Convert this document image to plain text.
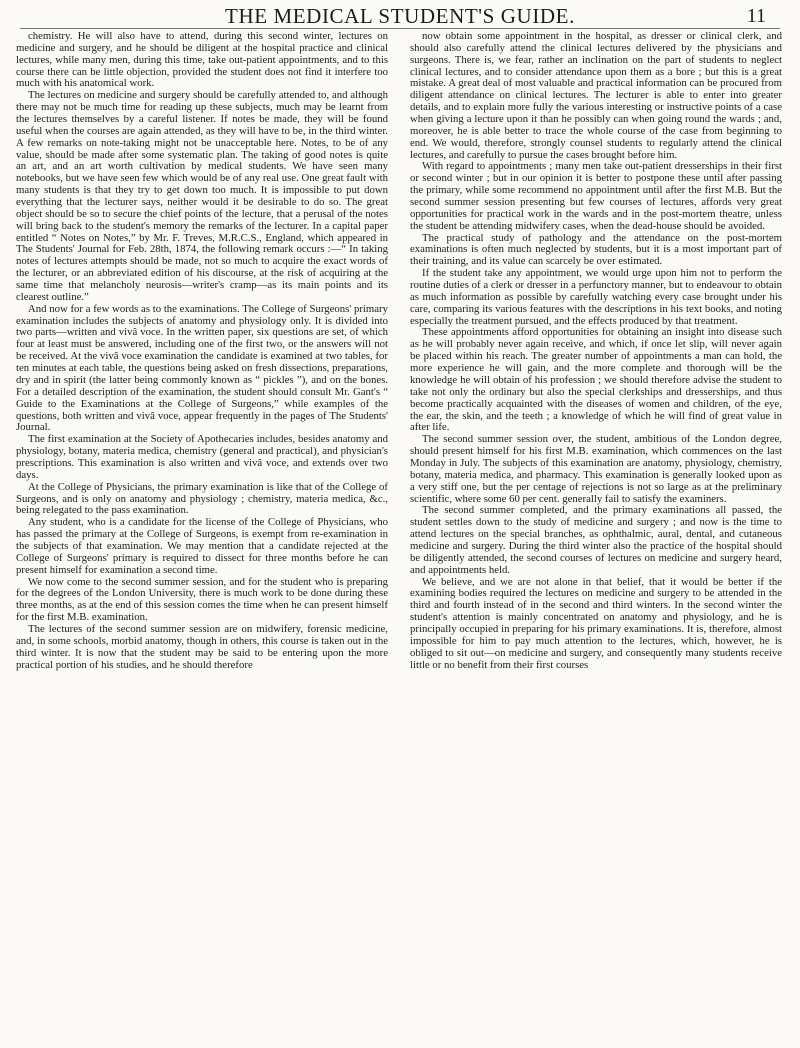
THE MEDICAL STUDENT'S GUIDE.	11

chemistry. He will also have to attend, during this second winter, lectures on medicine and surgery, and he should be diligent at the hospital practice and clinical lectures, while many men, during this time, take out-patient appointments, and to this course there can be little objection, provided the student does not find it interfere too much with his anatomical work.

The lectures on medicine and surgery should be carefully attended to, and although there may not be much time for reading up these subjects, much may be learnt from the lectures themselves by a careful listener. If notes be made, they will be found useful when the courses are again attended, as they will have to be, in the third winter. A few remarks on note-taking might not be unacceptable here. Notes, to be of any value, should be made after some systematic plan. The taking of good notes is quite an art, and an art worth cultivation by medical students. We have seen many notebooks, but we have seen few which would be of any real use. One great fault with many students is that they try to get down too much. It is impossible to put down everything that the lecturer says, neither would it be desirable to do so. The great object should be so to secure the chief points of the lecture, that a perusal of the notes will bring back to the student's memory the remarks of the lecturer. In a capital paper entitled “ Notes on Notes,” by Mr. F. Treves, M.R.C.S., England, which appeared in The Students' Journal for Feb. 28th, 1874, the following remark occurs :—“ In taking notes of lectures attempts should be made, not so much to acquire the exact words of the lecturer, or an abbreviated edition of his discourse, at the risk of acquiring at the same time that melancholy neurosis—writer's cramp—as its main points and its clearest outline.”

And now for a few words as to the examinations. The College of Surgeons' primary examination includes the subjects of anatomy and physiology only. It is divided into two parts—written and vivâ voce. In the written paper, six questions are set, of which four at least must be answered, including one of the first two, or the answers will not be received. At the vivâ voce examination the candidate is examined at two tables, for ten minutes at each table, the questions being asked on fresh dissections, preparations, dry and in spirit (the latter being commonly known as “ pickles ”), and on the bones. For a detailed description of the examination, the student should consult Mr. Gant's “ Guide to the Examinations at the College of Surgeons,” while examples of the questions, both written and vivâ voce, appear frequently in the pages of The Students' Journal.

The first examination at the Society of Apothecaries includes, besides anatomy and physiology, botany, materia medica, chemistry (general and practical), and physician's prescriptions. This examination is also written and vivâ voce, and extends over two days.

At the College of Physicians, the primary examination is like that of the College of Surgeons, and is only on anatomy and physiology ; chemistry, materia medica, &c., being relegated to the pass examination.

Any student, who is a candidate for the license of the College of Physicians, who has passed the primary at the College of Surgeons, is exempt from re-examination in the subjects of that examination. We may mention that a candidate rejected at the College of Surgeons' primary is required to dissect for three months before he can present himself for examination a second time.

We now come to the second summer session, and for the student who is preparing for the degrees of the London University, there is much work to be done during these three months, as at the end of this session comes the time when he can present himself for the first M.B. examination.

The lectures of the second summer session are on midwifery, forensic medicine, and, in some schools, morbid anatomy, though in others, this course is taken out in the third winter. It is now that the student may be said to be entering upon the more practical portion of his studies, and he should therefore

now obtain some appointment in the hospital, as dresser or clinical clerk, and should also carefully attend the clinical lectures delivered by the physicians and surgeons. There is, we fear, rather an inclination on the part of students to neglect clinical lectures, and to consider attendance upon them as a bore ; but this is a great mistake. A great deal of most valuable and practical information can be procured from diligent attendance on clinical lectures. The lecturer is able to enter into greater details, and to explain more fully the various interesting or instructive points of a case when giving a lecture upon it than he possibly can when going round the wards ; and, moreover, he is able better to trace the whole course of the case from beginning to end. We would, therefore, strongly counsel students to regularly attend the clinical lectures, and carefully to pursue the cases brought before him.

With regard to appointments ; many men take out-patient dresserships in their first or second winter ; but in our opinion it is better to postpone these until after passing the primary, while some recommend no appointment until after the first M.B. But the second summer session presenting but few courses of lectures, affords very great opportunities for practical work in the wards and in the post-mortem theatre, unless the student be attending midwifery cases, when the dead-house should be avoided.

The practical study of pathology and the attendance on the post-mortem examinations is often much neglected by students, but it is a most important part of their training, and its value can scarcely be over estimated.

If the student take any appointment, we would urge upon him not to perform the routine duties of a clerk or dresser in a perfunctory manner, but to endeavour to obtain as much information as possible by carefully watching every case brought under his care, comparing its various features with the descriptions in his text books, and noting especially the treatment pursued, and the effects produced by that treatment.

These appointments afford opportunities for obtaining an insight into disease such as he will probably never again receive, and which, if once let slip, will never again be placed within his reach. The greater number of appointments a man can hold, the more experience he will gain, and the more complete and thorough will be the knowledge he will obtain of his profession ; we should therefore advise the student to take not only the ordinary but also the special clerkships and dresserships, and thus become practically acquainted with the diseases of women and children, of the eye, the ear, the skin, and the teeth ; a knowledge of which he will find of great value in after life.

The second summer session over, the student, ambitious of the London degree, should present himself for his first M.B. examination, which commences on the last Monday in July. The subjects of this examination are anatomy, physiology, chemistry, botany, materia medica, and pharmacy. This examination is generally looked upon as a very stiff one, but the per centage of rejections is not so large as at the preliminary scientific, where some 60 per cent. generally fail to satisfy the examiners.

The second summer completed, and the primary examinations all passed, the student settles down to the study of medicine and surgery ; and now is the time to attend lectures on the special branches, as ophthalmic, aural, dental, and cutaneous medicine and surgery. During the third winter also the practice of the hospital should be diligently attended, the second courses of lectures on medicine and surgery heard, and appointments held.

We believe, and we are not alone in that belief, that it would be better if the examining bodies required the lectures on medicine and surgery to be attended in the third and fourth instead of in the second and third winters. In the second winter the student's attention is mainly concentrated on anatomy and physiology, and he is principally occupied in preparing for his primary examinations. It is, therefore, almost impossible for him to pay much attention to the lectures, which, however, he is obliged to sit out—on medicine and surgery, and consequently many students receive little or no benefit from their first courses
